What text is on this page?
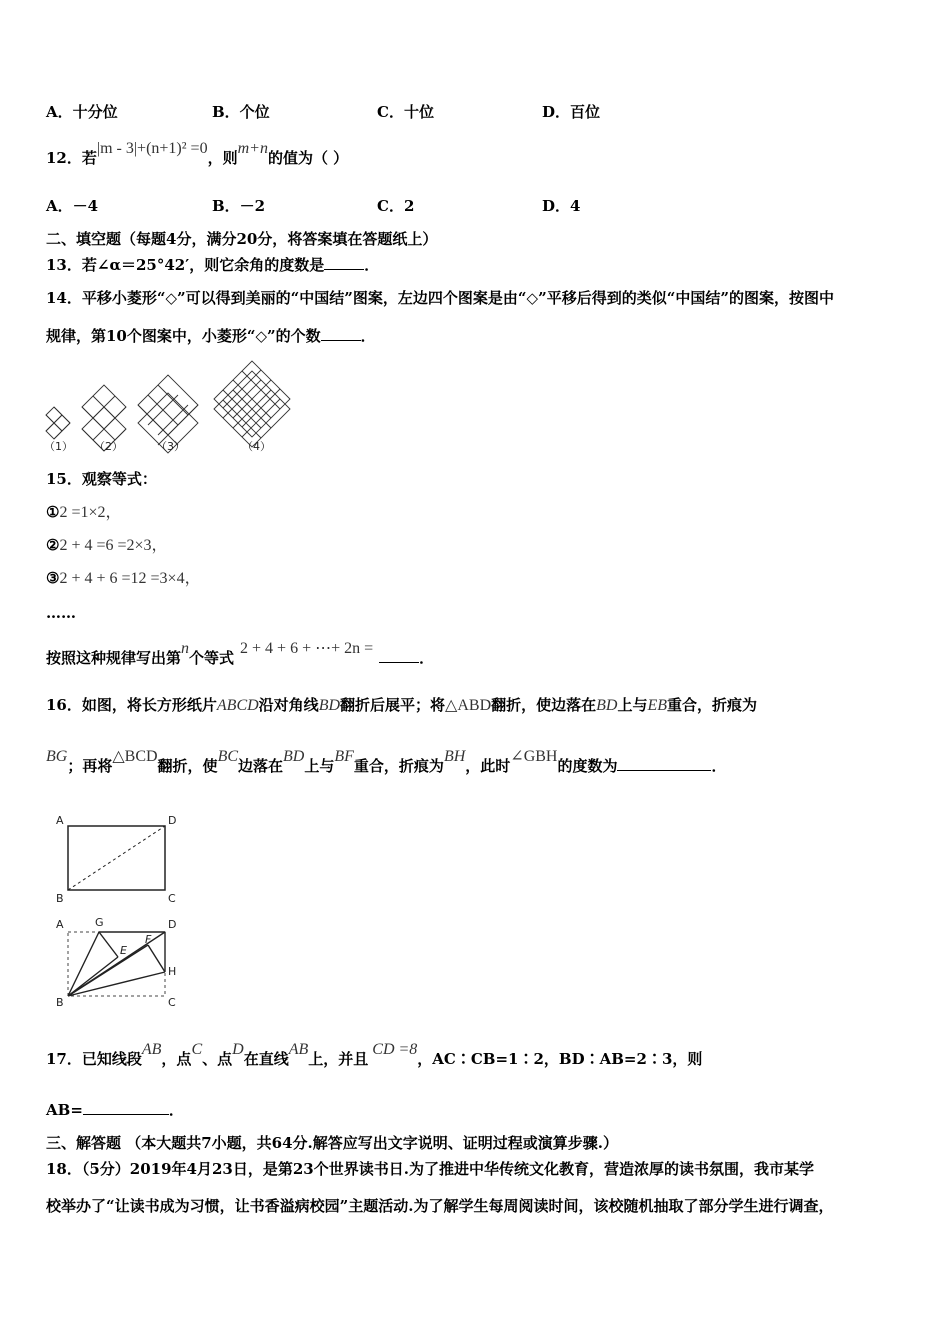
A．十分位	B．个位	C．十位	D．百位
12．若|m - 3|+(n+1)² =0，则m+n的值为（ ）
A．－4	B．－2	C．2	D．4
二、填空题（每题4分，满分20分，将答案填在答题纸上）
13．若∠α＝25°42′，则它余角的度数是	．
14．平移小菱形“◇”可以得到美丽的“中国结”图案，左边四个图案是由“◇”平移后得到的类似“中国结”的图案，按图中
规律，第10个图案中，小菱形“◇”的个数	．
（1） （2）	（3）	（4）
15．观察等式：
①2 =1×2，
②2 + 4 =6 =2×3，
③2 + 4 + 6 =12 =3×4，
……
按照这种规律写出第n个等式2 + 4 + 6 + ⋯+ 2n =．
16．如图，将长方形纸片ABCD沿对角线BD翻折后展平；将△ABD翻折，使边落在BD上与EB重合，折痕为
BG；再将△BCD翻折，使BC边落在BD上与BF重合，折痕为BH，此时∠GBH的度数为	．
A	D
B	C
A	G	D
F
E
H
B	C
17．已知线段AB，点C、点D在直线AB上，并且CD =8，AC∶CB=1∶2，BD∶AB=2∶3，则
AB=	．
三、解答题 （本大题共7小题，共64分.解答应写出文字说明、证明过程或演算步骤.）
18．（5分）2019年4月23日，是第23个世界读书日.为了推进中华传统文化教育，营造浓厚的读书氛围，我市某学
校举办了“让读书成为习惯，让书香溢病校园”主题活动.为了解学生每周阅读时间，该校随机抽取了部分学生进行调查，
